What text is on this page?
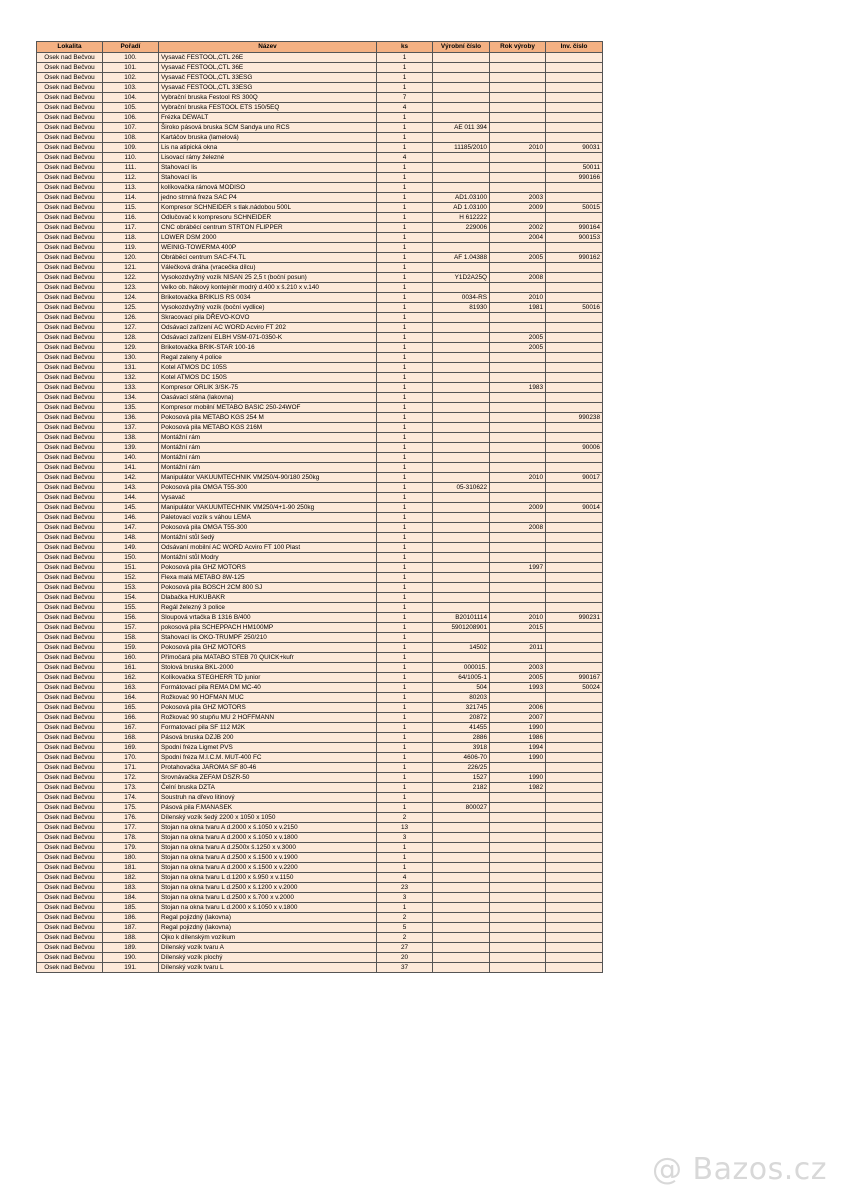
Lokalita	Pořadí	Název	ks	Výrobní číslo	Rok výroby	Inv. číslo
Osek nad Bečvou	100.	Vysavač FESTOOL,CTL 26E	1			
Osek nad Bečvou	101.	Vysavač FESTOOL,CTL 36E	1			
Osek nad Bečvou	102.	Vysavač FESTOOL,CTL 33ESG	1			
Osek nad Bečvou	103.	Vysavač FESTOOL,CTL 33ESG	1			
Osek nad Bečvou	104.	Vybrační bruska Festool RS 300Q	7			
Osek nad Bečvou	105.	Vybrační bruska FESTOOL ETS 150/5EQ	4			
Osek nad Bečvou	106.	Frézka DEWALT	1			
Osek nad Bečvou	107.	Široko pásová bruska SCM Sandya uno RCS	1	AE 011 394		
Osek nad Bečvou	108.	Kartáčov bruska (lamelová)	1			
Osek nad Bečvou	109.	Lis na atipická okna	1	11185/2010	2010	90031
Osek nad Bečvou	110.	Lisovací rámy železné	4			
Osek nad Bečvou	111.	Stahovací lis	1			50011
Osek nad Bečvou	112.	Stahovací lis	1			990166
Osek nad Bečvou	113.	kolíkovačka rámová MODISO	1			
Osek nad Bečvou	114.	jedno strnná freza SAC P4	1	AD1.03100	2003	
Osek nad Bečvou	115.	Kompresor SCHNEIDER s tlak.nádobou 500L	1	AD 1.03100	2009	50015
Osek nad Bečvou	116.	Odlučovač k kompresoru SCHNEIDER	1	H 612222		
Osek nad Bečvou	117.	CNC obráběcí centrum STRTON FLIPPER	1	229006	2002	990164
Osek nad Bečvou	118.	LOWER DSM 2000	1		2004	900153
Osek nad Bečvou	119.	WEINIG-TOWERMA 400P	1			
Osek nad Bečvou	120.	Obráběcí centrum SAC-F4.TL	1	AF 1.04388	2005	990162
Osek nad Bečvou	121.	Válečková dráha (vracečka dílcu)	1			
Osek nad Bečvou	122.	Vysokozdvyžný vozík NISAN 25 2,5 t (boční posun)	1	Y1D2A25Q	2008	
Osek nad Bečvou	123.	Velko ob. hákový kontejněr modrý d.400 x š.210 x v.140	1			
Osek nad Bečvou	124.	Briketovačka BRIKLIS RS 0034	1	0034-RS	2010	
Osek nad Bečvou	125.	Vysokozdvyžný vozík (boční vydlice)	1	81930	1981	50016
Osek nad Bečvou	126.	Skracovací pila DŘEVO-KOVO	1			
Osek nad Bečvou	127.	Odsávací zařízení AC WORD Acviro FT 202	1			
Osek nad Bečvou	128.	Odsávací zařízení ELBH VSM-071-0350-K	1		2005	
Osek nad Bečvou	129.	Briketovačka BRIK-STAR 100-16	1		2005	
Osek nad Bečvou	130.	Regal zaleny 4 police	1			
Osek nad Bečvou	131.	Kotel ATMOS DC 105S	1			
Osek nad Bečvou	132.	Kotel ATMOS DC 150S	1			
Osek nad Bečvou	133.	Kompresor ORLIK 3/SK-75	1		1983	
Osek nad Bečvou	134.	Oasávací stěna (lakovna)	1			
Osek nad Bečvou	135.	Kompresor mobilní METABO BASIC 250-24WOF	1			
Osek nad Bečvou	136.	Pokosová pila METABO KGS 254 M	1			990238
Osek nad Bečvou	137.	Pokosová pila METABO KGS 216M	1			
Osek nad Bečvou	138.	Montážní rám	1			
Osek nad Bečvou	139.	Montážní rám	1			90006
Osek nad Bečvou	140.	Montážní rám	1			
Osek nad Bečvou	141.	Montážní rám	1			
Osek nad Bečvou	142.	Manipulátor VAKUUMTECHNIK VM250/4-90/180 250kg	1		2010	90017
Osek nad Bečvou	143.	Pokosová pila OMGA T55-300	1	05-310622		
Osek nad Bečvou	144.	Vysavač	1			
Osek nad Bečvou	145.	Manipulátor VAKUUMTECHNIK VM250/4+1-90 250kg	1		2009	90014
Osek nad Bečvou	146.	Paletovací vozík s váhou LEMA	1			
Osek nad Bečvou	147.	Pokosová pila OMGA T55-300	1		2008	
Osek nad Bečvou	148.	Montážní stůl šedý	1			
Osek nad Bečvou	149.	Odsávaní mobilní AC WORD Acviro FT 100 Plast	1			
Osek nad Bečvou	150.	Montážní stůl Modry	1			
Osek nad Bečvou	151.	Pokosová pila GHZ MOTORS	1		1997	
Osek nad Bečvou	152.	Flexa malá METABO 8W-125	1			
Osek nad Bečvou	153.	Pokosová pila BOSCH 2CM 800 SJ	1			
Osek nad Bečvou	154.	Dlabačka HUKUBAKR	1			
Osek nad Bečvou	155.	Regál železný 3 police	1			
Osek nad Bečvou	156.	Sloupová vrtačka B 1316 B/400	1	B20101114	2010	990231
Osek nad Bečvou	157.	pokosová pila SCHEPPACH HM100MP	1	5901208901	2015	
Osek nad Bečvou	158.	Stahovací lis OKO-TRUMPF 250/210	1			
Osek nad Bečvou	159.	Pokosová pila GHZ MOTORS	1	14502	2011	
Osek nad Bečvou	160.	Přímočará pila MATABO STEB 70 QUICK+kufr	1			
Osek nad Bečvou	161.	Stolová bruska BKL-2000	1	000015.	2003	
Osek nad Bečvou	162.	Kolíkovačka STEGHERR TD junior	1	64/1005-1	2005	990167
Osek nad Bečvou	163.	Formátovací pila REMA DM MC-40	1	504	1993	50024
Osek nad Bečvou	164.	Rožkovač 90 HOFMAN MUC	1	80203		
Osek nad Bečvou	165.	Pokosová pila GHZ MOTORS	1	321745	2006	
Osek nad Bečvou	166.	Rožkovač 90 stupňu MU 2 HOFFMANN	1	20872	2007	
Osek nad Bečvou	167.	Formatovací pila SF 112 M2K	1	41455	1990	
Osek nad Bečvou	168.	Pásová bruska DZJB 200	1	2886	1986	
Osek nad Bečvou	169.	Spodní fréza Ligmet PVS	1	3918	1994	
Osek nad Bečvou	170.	Spodní fréza M.I.C.M. MUT-400 FC	1	4606-70	1990	
Osek nad Bečvou	171.	Protahovačka JAROMA SF 80-46	1	226/25		
Osek nad Bečvou	172.	Srovnávačka ZEFAM DSZR-50	1	1527	1990	
Osek nad Bečvou	173.	Čelní bruska DZTA	1	2182	1982	
Osek nad Bečvou	174.	Soustruh na dřevo litinový	1			
Osek nad Bečvou	175.	Pásová pila F.MANASEK	1	800027		
Osek nad Bečvou	176.	Dílenský vozík šedý 2200 x 1050 x 1050	2			
Osek nad Bečvou	177.	Stojan na okna tvaru A d.2000 x š.1050 x v.2150	13			
Osek nad Bečvou	178.	Stojan na okna tvaru A d.2000 x š.1050 x v.1800	3			
Osek nad Bečvou	179.	Stojan na okna tvaru A d.2500x š.1250 x v.3000	1			
Osek nad Bečvou	180.	Stojan na okna tvaru A d.2500 x š.1500 x v.1900	1			
Osek nad Bečvou	181.	Stojan na okna tvaru A d.2000 x š.1500 x v.2200	1			
Osek nad Bečvou	182.	Stojan na okna tvaru L d.1200 x š.950 x v.1150	4			
Osek nad Bečvou	183.	Stojan na okna tvaru L d.2500 x š.1200 x v.2000	23			
Osek nad Bečvou	184.	Stojan na okna tvaru L d.2500 x š.700 x v.2000	3			
Osek nad Bečvou	185.	Stojan na okna tvaru L d.2000 x š.1050 x v.1800	1			
Osek nad Bečvou	186.	Regal pojizdný (lakovna)	2			
Osek nad Bečvou	187.	Regal pojizdný (lakovna)	5			
Osek nad Bečvou	188.	Ojko k dílenským vozíkum	2			
Osek nad Bečvou	189.	Dílenský vozík tvaru A	27			
Osek nad Bečvou	190.	Dílenský vozík plochý	20			
Osek nad Bečvou	191.	Dílenský vozík tvaru L	37			
@ Bazos.cz
